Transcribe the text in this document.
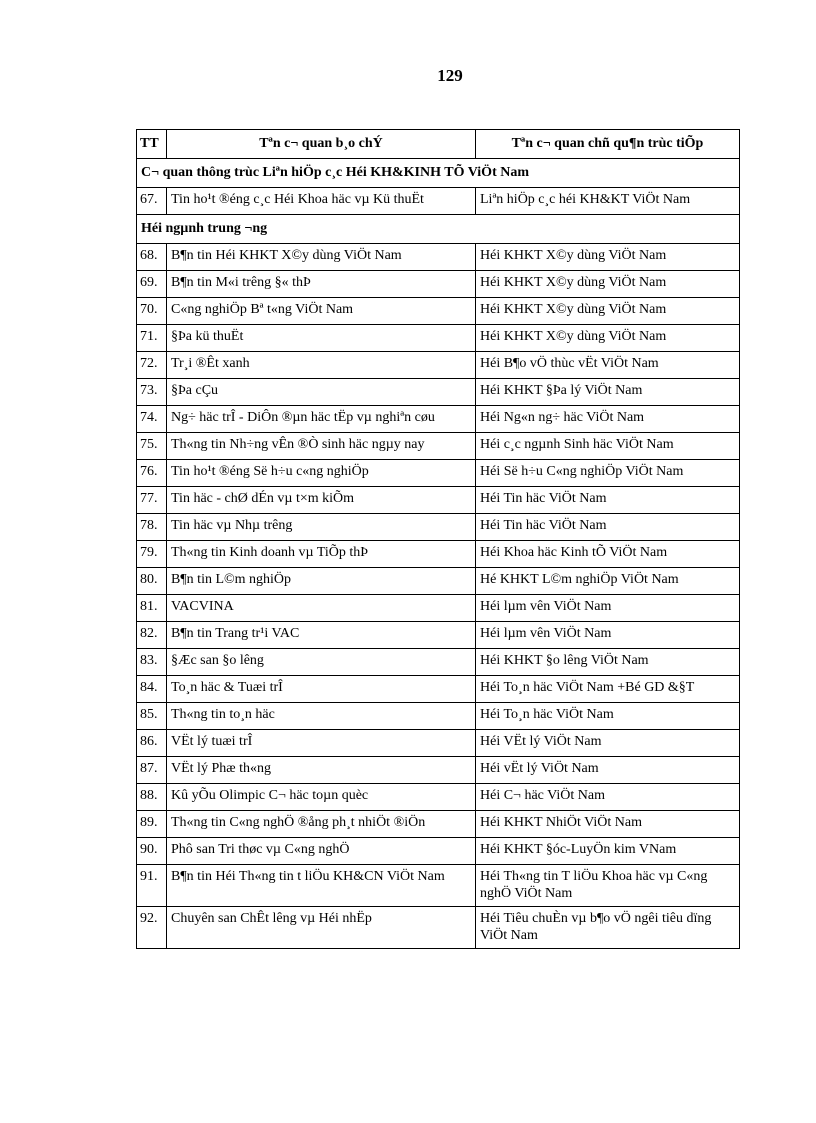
129
TT	Tªn c¬ quan b¸o chÝ	Tªn c¬ quan chñ qu¶n trùc tiÕp
C¬ quan thông trùc Liªn hiÖp c¸c Héi KH&KINH TÕ ViÖt Nam		
67.	Tin ho¹t ®éng c¸c Héi Khoa häc vµ Kü thuËt	Liªn hiÖp c¸c héi KH&KT ViÖt Nam
Héi ngµnh trung ¬ng		
68.	B¶n tin Héi KHKT X©y dùng ViÖt Nam	Héi KHKT X©y dùng ViÖt Nam
69.	B¶n tin M«i trêng §« thÞ	Héi KHKT X©y dùng ViÖt Nam
70.	C«ng nghiÖp Bª t«ng ViÖt Nam	Héi KHKT X©y dùng ViÖt Nam
71.	§Þa kü thuËt	Héi KHKT X©y dùng ViÖt Nam
72.	Tr¸i ®Êt xanh	Héi B¶o vÖ thùc vËt ViÖt Nam
73.	§Þa cÇu	Héi KHKT §Þa lý ViÖt Nam
74.	Ng÷ häc trÎ - DiÔn ®µn häc tËp vµ nghiªn cøu	Héi Ng«n ng÷ häc ViÖt Nam
75.	Th«ng tin Nh÷ng vÊn ®Ò sinh häc ngµy nay	Héi c¸c ngµnh Sinh häc ViÖt Nam
76.	Tin ho¹t ®éng Së h÷u c«ng nghiÖp	Héi Së h÷u C«ng nghiÖp ViÖt Nam
77.	Tin häc - chØ dÉn vµ t×m kiÕm	Héi Tin häc ViÖt Nam
78.	Tin häc vµ Nhµ trêng	Héi Tin häc ViÖt Nam
79.	Th«ng tin Kinh doanh vµ TiÕp thÞ	Héi Khoa häc Kinh tÕ ViÖt Nam
80.	B¶n tin L©m nghiÖp	Hé KHKT L©m nghiÖp ViÖt Nam
81.	VACVINA	Héi lµm vên ViÖt Nam
82.	B¶n tin Trang tr¹i VAC	Héi lµm vên ViÖt Nam
83.	§Æc san §o lêng	Héi KHKT §o lêng ViÖt Nam
84.	To¸n häc & Tuæi trÎ	Héi To¸n häc ViÖt Nam +Bé GD &§T
85.	Th«ng tin to¸n häc	Héi To¸n häc ViÖt Nam
86.	VËt lý tuæi trÎ	Héi VËt lý ViÖt Nam
87.	VËt lý Phæ th«ng	Héi vËt lý ViÖt Nam
88.	Kû yÕu Olimpic C¬ häc toµn quèc	Héi C¬ häc ViÖt Nam
89.	Th«ng tin C«ng nghÖ ®ång ph¸t nhiÖt ®iÖn	Héi KHKT NhiÖt ViÖt Nam
90.	Phô san Tri thøc vµ C«ng nghÖ	Héi KHKT §óc-LuyÖn kim VNam
91.	B¶n tin Héi Th«ng tin t liÖu KH&CN ViÖt Nam	Héi Th«ng tin T liÖu Khoa häc vµ C«ng nghÖ ViÖt Nam
92.	Chuyên san ChÊt lêng vµ Héi nhËp	Héi Tiêu chuÈn vµ b¶o vÖ ngêi tiêu dïng ViÖt Nam
